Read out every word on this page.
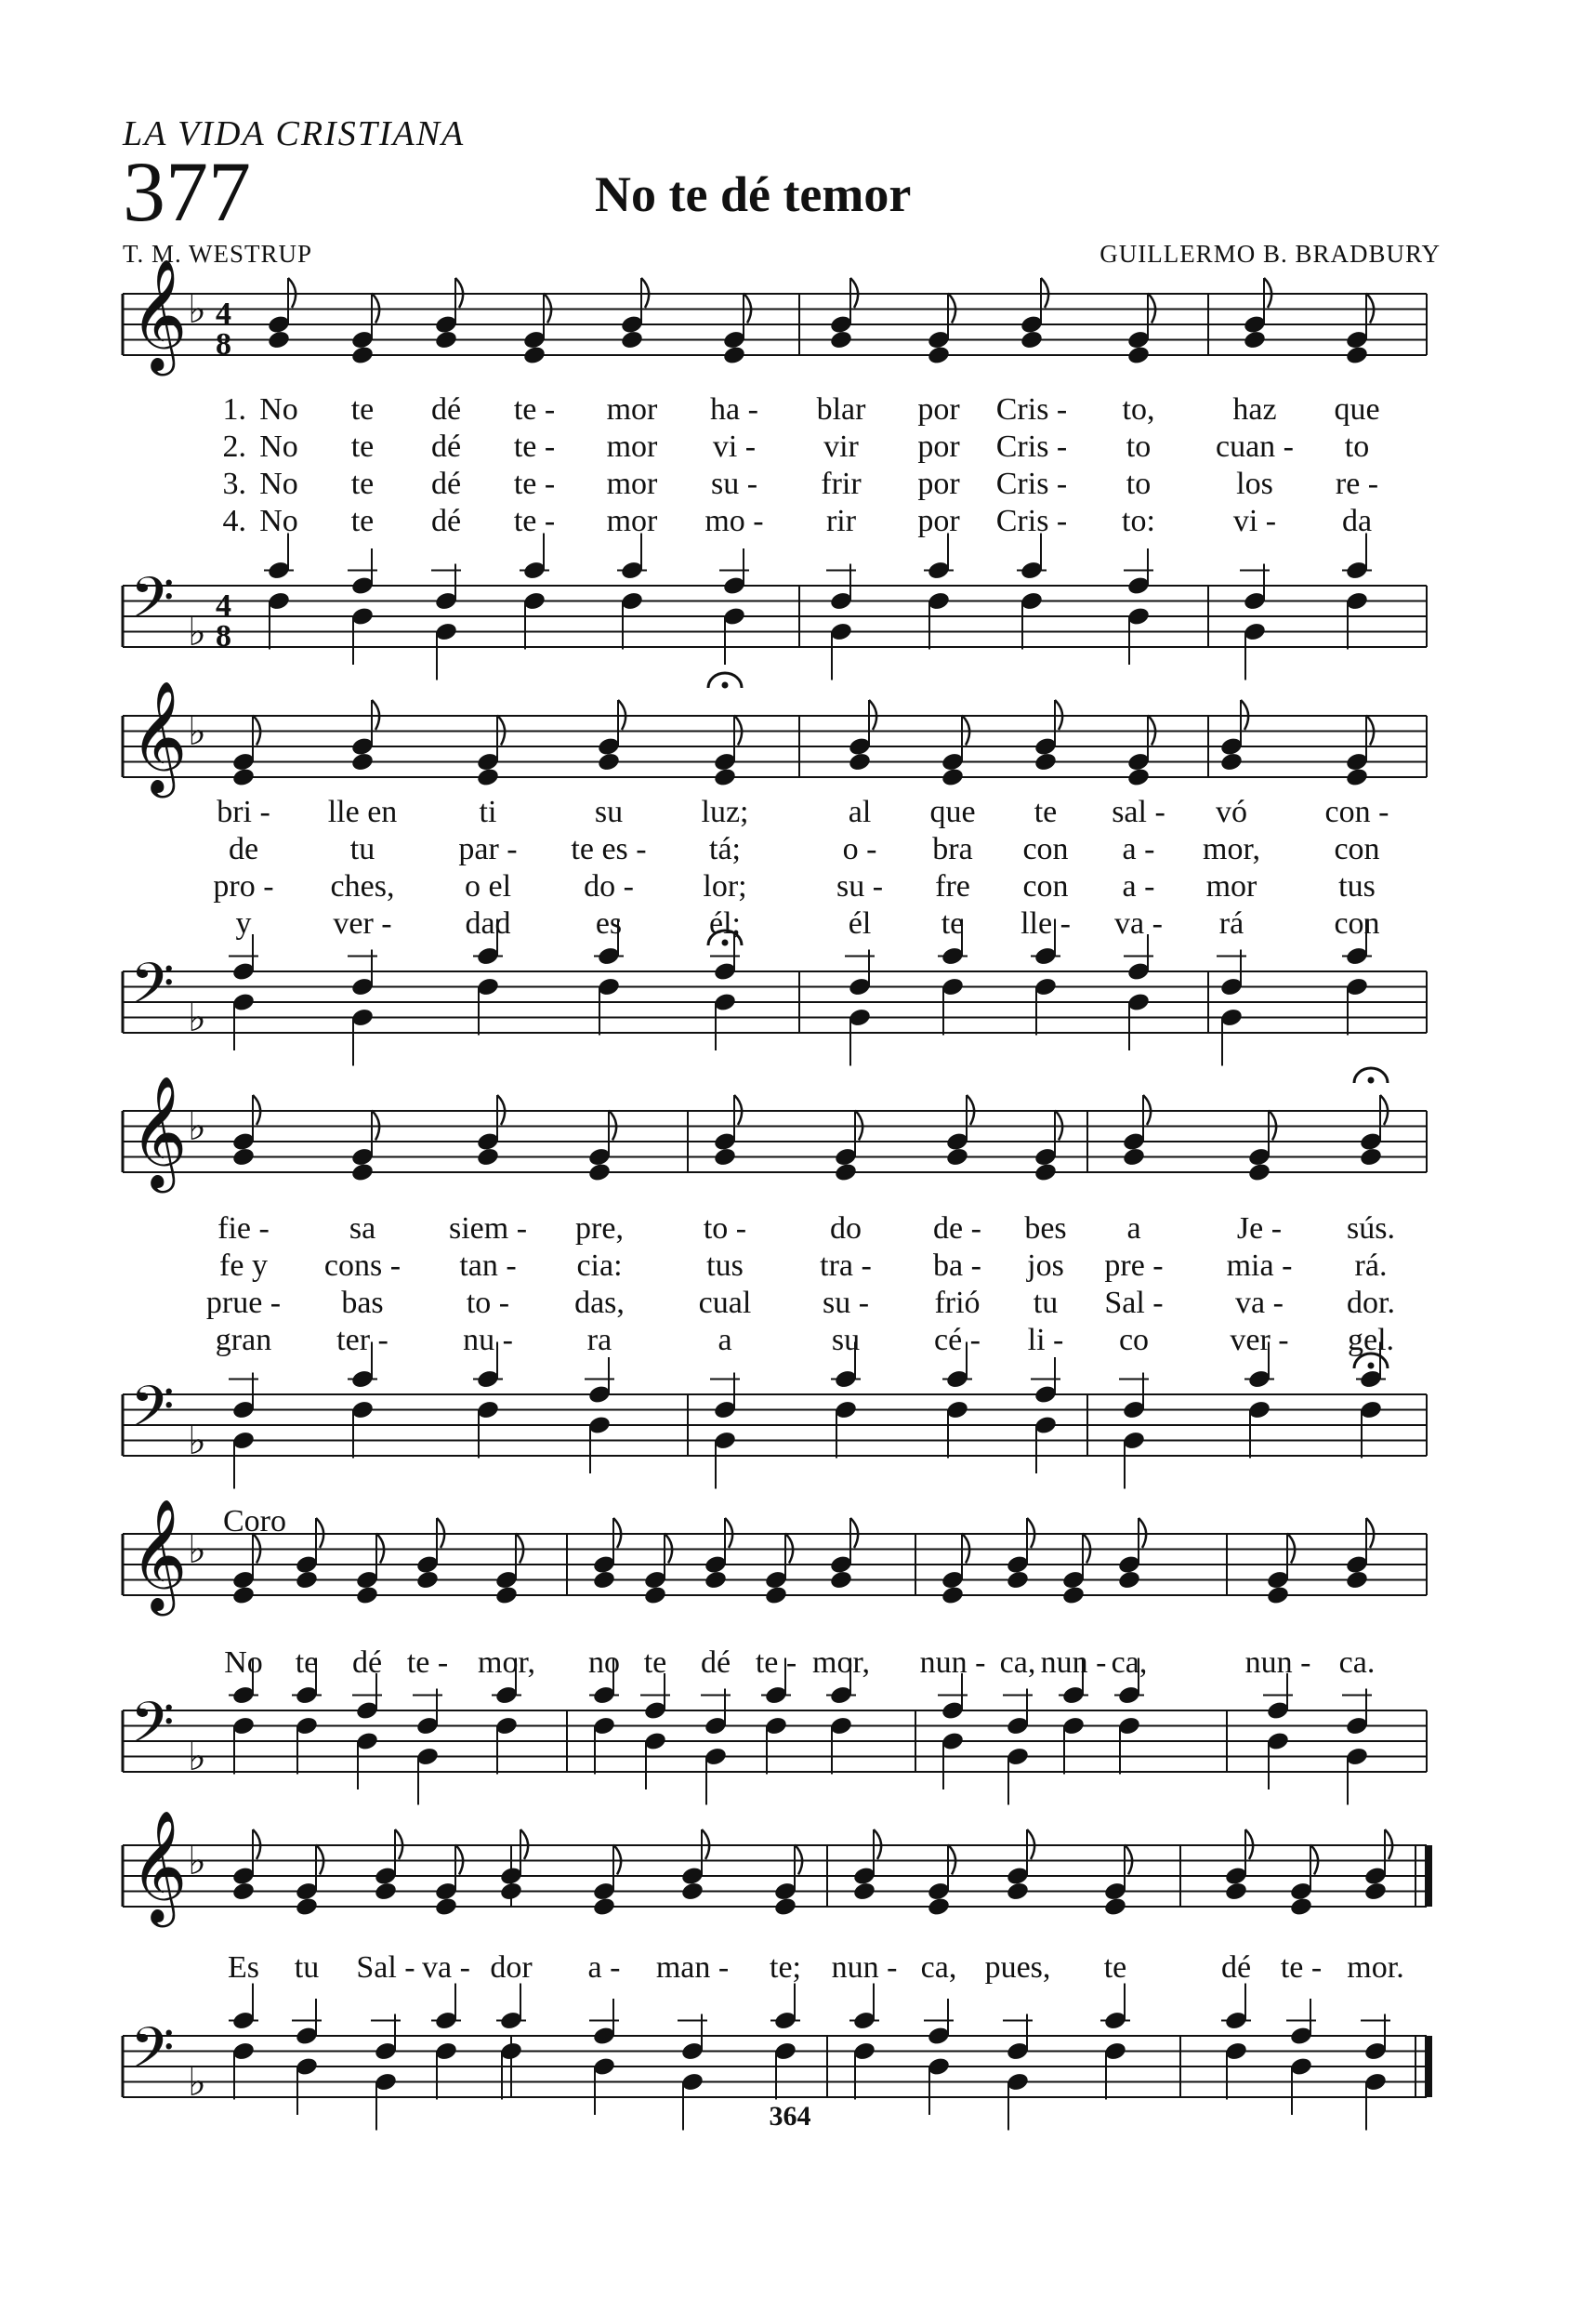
LA VIDA CRISTIANA
377	No te dé temor
T. M. WESTRUP	GUILLERMO B. BRADBURY
Coro
𝄞 ♭ 4
8
𝄢 ♭
4
8
𝄞 ♭
𝄢 ♭
𝄞 ♭
𝄢 ♭
𝄞 ♭
𝄢 ♭
𝄞 ♭
𝄢 ♭
364
1. No te dé te - mor ha - blar por Cris - to, haz que
2. No te dé te - mor vi - vir por Cris - to cuan - to
3. No te dé te - mor su - frir por Cris - to	los re -
4. No te dé te - mor mo - rir por Cris - to: vi - da
bri - lle en	ti	su luz;	al que te sal - vó con -
de	tu	par - te es - tá;	o - bra con a - mor, con
pro - ches, o el do - lor;	su - fre con a - mor	tus
y	ver - dad	es	él;	él te lle - va - rá	con
fie -	sa siem - pre,	to -	do de - bes a	Je - sús.
fe y cons - tan - cia:	tus tra - ba - jos pre - mia - rá.
prue - bas	to - das, cual su - frió tu Sal - va - dor.
gran ter - nu - ra	a	su cé - li - co	ver - gel.
No te dé te - mor, no te dé te - mor, nun - ca, nun - ca,	nun - ca.
Es tu Sal - va - dor a - man - te; nun - ca, pues, te	dé te - mor.
